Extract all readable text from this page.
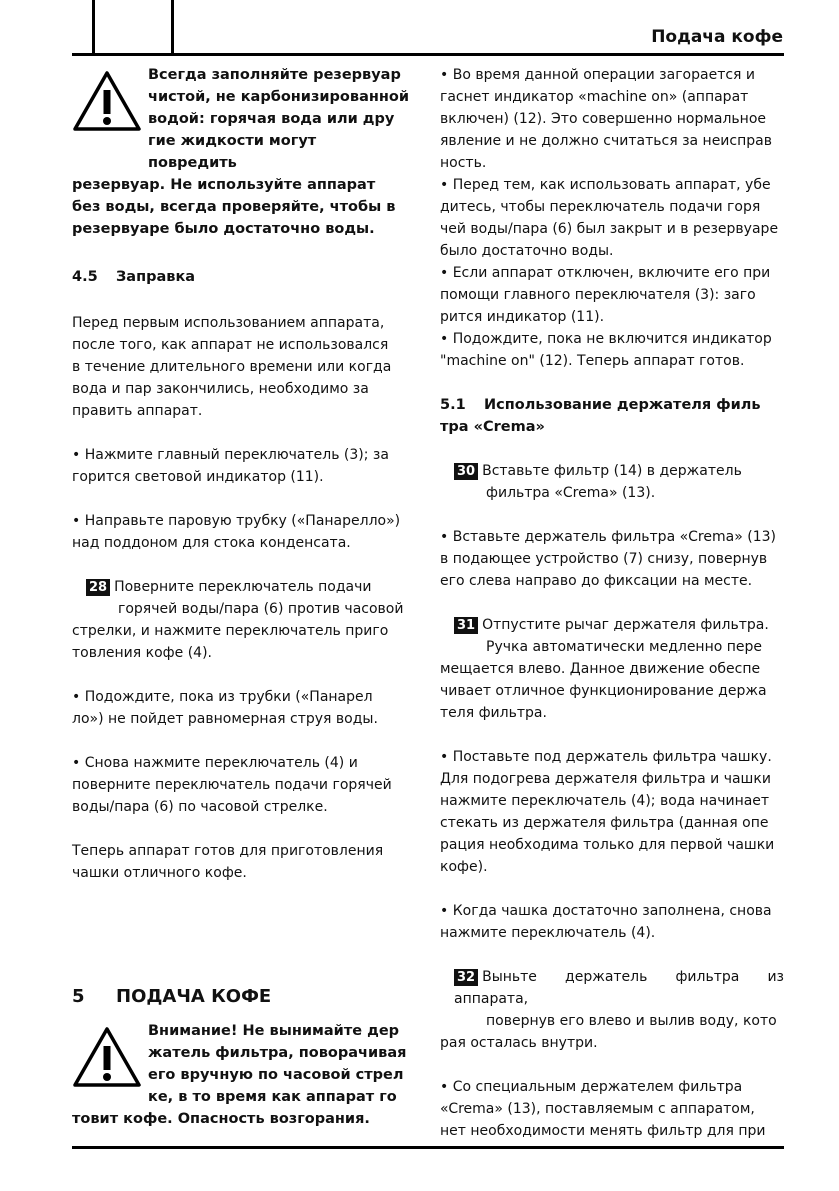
Подача кофе

Всегда заполняйте резервуар

чистой, не карбонизированной

водой: горячая вода или дру

гие жидкости могут повредить

резервуар. Не используйте аппарат

без воды, всегда проверяйте, чтобы в

резервуаре было достаточно воды.

4.5 Заправка

Перед первым использованием аппарата,

после того, как аппарат не использовался

в течение длительного времени или когда

вода и пар закончились, необходимо за

править аппарат.

• Нажмите главный переключатель (3); за

горится световой индикатор (11).

• Направьте паровую трубку («Панарелло»)

над поддоном для стока конденсата.

28 Поверните переключатель подачи

горячей воды/пара (6) против часовой

стрелки, и нажмите переключатель приго

товления кофе (4).

• Подождите, пока из трубки («Панарел

ло») не пойдет равномерная струя воды.

• Снова нажмите переключатель (4) и

поверните переключатель подачи горячей

воды/пара (6) по часовой стрелке.

Теперь аппарат готов для приготовления

чашки отличного кофе.

5 ПОДАЧА КОФЕ

Внимание! Не вынимайте дер

жатель фильтра, поворачивая

его вручную по часовой стрел

ке, в то время как аппарат го

товит кофе. Опасность возгорания.

• Во время данной операции загорается и

гаснет индикатор «machine on» (аппарат

включен) (12). Это совершенно нормальное

явление и не должно считаться за неисправ

ность.

• Перед тем, как использовать аппарат, убе

дитесь, чтобы переключатель подачи горя

чей воды/пара (6) был закрыт и в резервуаре

было достаточно воды.

• Если аппарат отключен, включите его при

помощи главного переключателя (3): заго

рится индикатор (11).

• Подождите, пока не включится индикатор

"machine on" (12). Теперь аппарат готов.

5.1 Использование держателя филь

тра «Crema»

30 Вставьте фильтр (14) в держатель

фильтра «Crema» (13).

• Вставьте держатель фильтра «Crema» (13)

в подающее устройство (7) снизу, повернув

его слева направо до фиксации на месте.

31 Отпустите рычаг держателя фильтра.

Ручка автоматически медленно пере

мещается влево. Данное движение обеспе

чивает отличное функционирование держа

теля фильтра.

• Поставьте под держатель фильтра чашку.

Для подогрева держателя фильтра и чашки

нажмите переключатель (4); вода начинает

стекать из держателя фильтра (данная опе

рация необходима только для первой чашки

кофе).

• Когда чашка достаточно заполнена, снова

нажмите переключатель (4).

32 Выньте держатель фильтра из аппарата,

повернув его влево и вылив воду, кото

рая осталась внутри.

• Со специальным держателем фильтра

«Crema» (13), поставляемым с аппаратом,

нет необходимости менять фильтр для при
